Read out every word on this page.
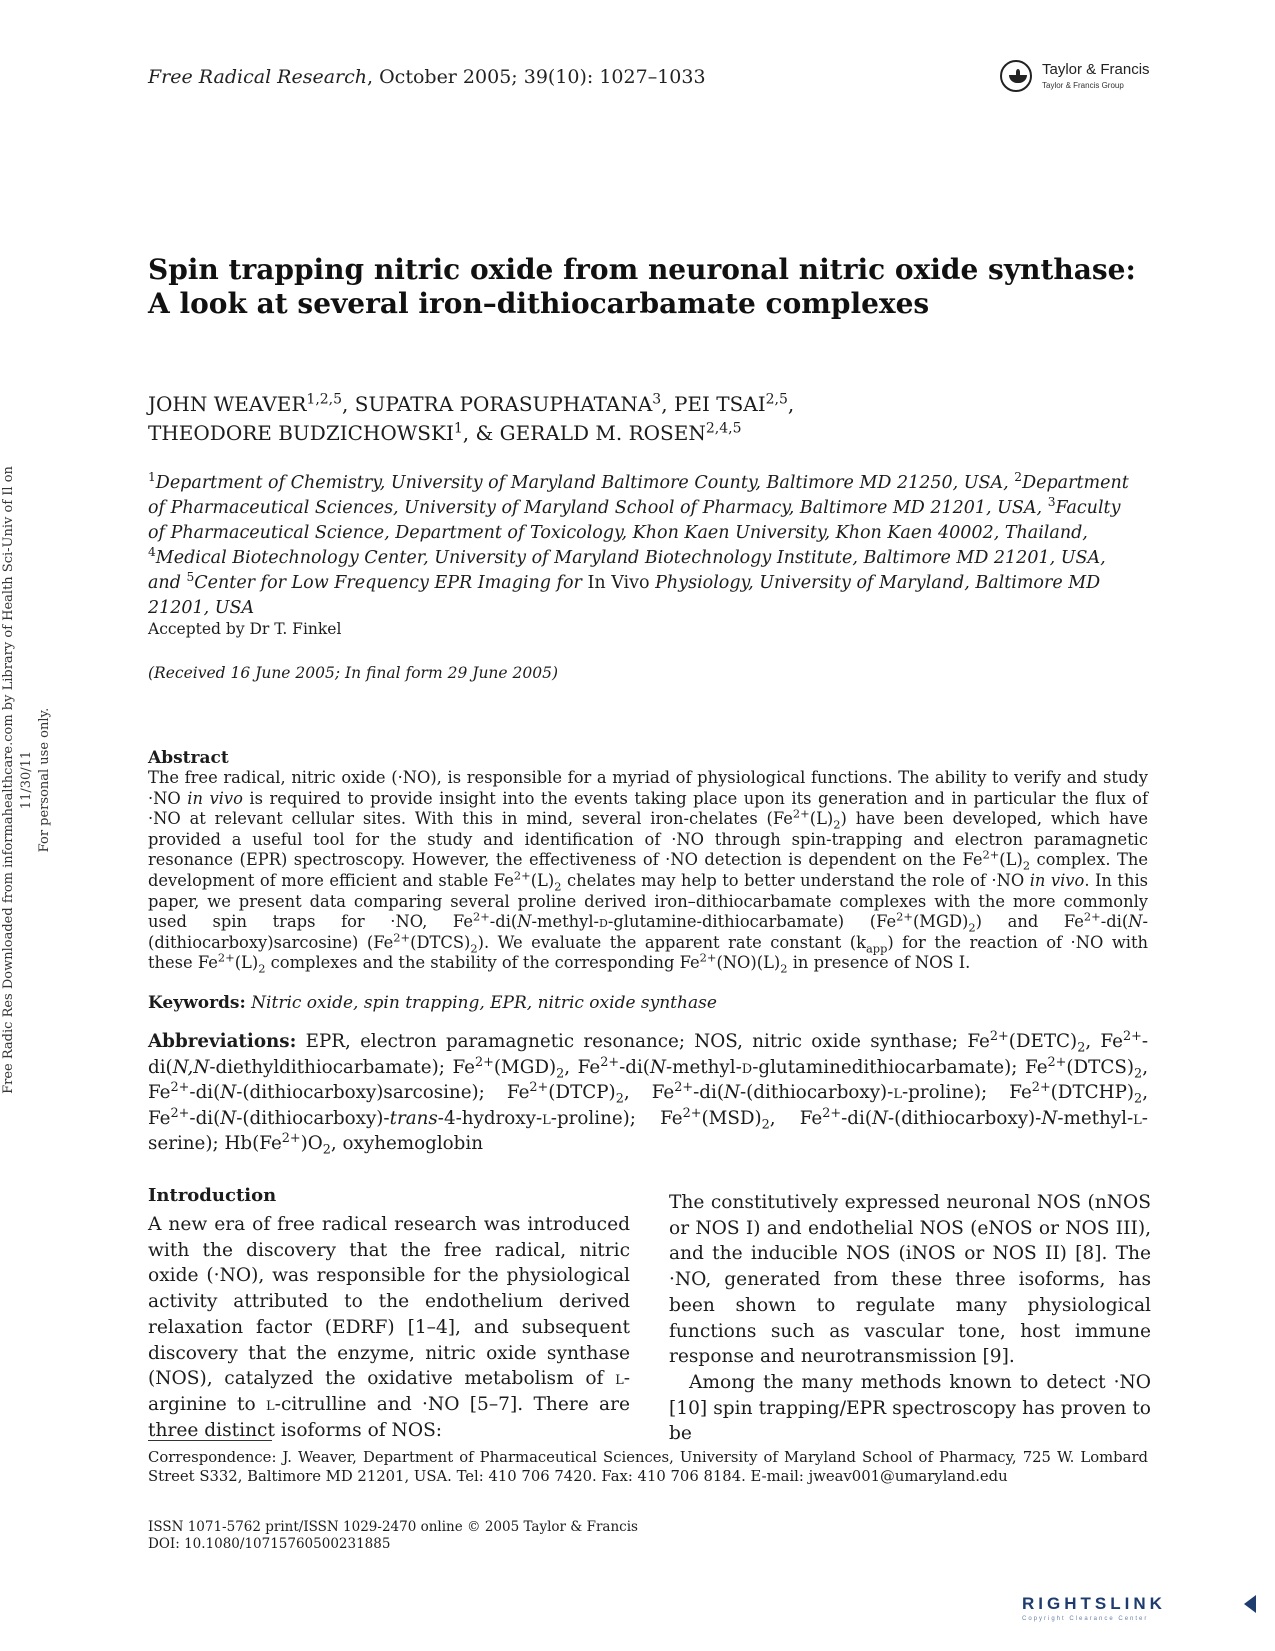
Free Radical Research, October 2005; 39(10): 1027–1033	Taylor & Francis
Taylor & Francis Group
Free Radic Res Downloaded from informahealthcare.com by Library of Health Sci-Univ of Il on 11/30/11 For personal use only.
Spin trapping nitric oxide from neuronal nitric oxide synthase: A look at several iron–dithiocarbamate complexes
JOHN WEAVER$^{1,2,5}$, SUPATRA PORASUPHATANA$^3$, PEI TSAI$^{2,5}$,
THEODORE BUDZICHOWSKI$^1$, & GERALD M. ROSEN$^{2,4,5}$
$^1$Department of Chemistry, University of Maryland Baltimore County, Baltimore MD 21250, USA, $^2$Department of Pharmaceutical Sciences, University of Maryland School of Pharmacy, Baltimore MD 21201, USA, $^3$Faculty of Pharmaceutical Science, Department of Toxicology, Khon Kaen University, Khon Kaen 40002, Thailand, $^4$Medical Biotechnology Center, University of Maryland Biotechnology Institute, Baltimore MD 21201, USA, and $^5$Center for Low Frequency EPR Imaging for In Vivo Physiology, University of Maryland, Baltimore MD 21201, USA
Accepted by Dr T. Finkel
(Received 16 June 2005; In final form 29 June 2005)
Abstract

The free radical, nitric oxide (·NO), is responsible for a myriad of physiological functions. The ability to verify and study ·NO in vivo is required to provide insight into the events taking place upon its generation and in particular the flux of ·NO at relevant cellular sites. With this in mind, several iron-chelates $(Fe^{2+}(L)_2)$ have been developed, which have provided a useful tool for the study and identification of ·NO through spin-trapping and electron paramagnetic resonance (EPR) spectroscopy. However, the effectiveness of ·NO detection is dependent on the $Fe^{2+}(L)_2$ complex. The development of more efficient and stable $Fe^{2+}(L)_2$ chelates may help to better understand the role of ·NO in vivo. In this paper, we present data comparing several proline derived iron–dithiocarbamate complexes with the more commonly used spin traps for ·NO, $Fe^{2+}-di(N-methyl-d-glutamine-dithiocarbamate)$ $(Fe^{2+}(MGD)_2)$ and $Fe^{2+}-di(N-(dithiocarboxy)sarcosine)$ $(Fe^{2+}(DTCS)_2)$. We evaluate the apparent rate constant $(k_{app})$ for the reaction of ·NO with these $Fe^{2+}(L)_2$ complexes and the stability of the corresponding $Fe^{2+}(NO)(L)_2$ in presence of NOS I.

Keywords: Nitric oxide, spin trapping, EPR, nitric oxide synthase
Abbreviations: EPR, electron paramagnetic resonance; NOS, nitric oxide synthase; $Fe^{2+}(DETC)_2$, $Fe^{2+}-di(N,N-diethyldithiocarbamate)$; $Fe^{2+}(MGD)_2$, $Fe^{2+}-di(N-methyl-d-glutaminedithiocarbamate)$; $Fe^{2+}(DTCS)_2$, $Fe^{2+}-di(N-(dithiocarboxy)sarcosine)$; $Fe^{2+}(DTCP)_2$, $Fe^{2+}-di(N-(dithiocarboxy)-l-proline)$; $Fe^{2+}(DTCHP)_2$, $Fe^{2+}-di(N-(dithiocarboxy)-trans-4-hydroxy-l-proline)$; $Fe^{2+}(MSD)_2$, $Fe^{2+}-di(N-(dithiocarboxy)-N-methyl-l-serine)$; $Hb(Fe^{2+})O_2$, oxyhemoglobin
Introduction

A new era of free radical research was introduced with the discovery that the free radical, nitric oxide (·NO), was responsible for the physiological activity attributed to the endothelium derived relaxation factor (EDRF) [1–4], and subsequent discovery that the enzyme, nitric oxide synthase (NOS), catalyzed the oxidative metabolism of l-arginine to l-citrulline and ·NO [5–7]. There are three distinct isoforms of NOS:

The constitutively expressed neuronal NOS (nNOS or NOS I) and endothelial NOS (eNOS or NOS III), and the inducible NOS (iNOS or NOS II) [8]. The ·NO, generated from these three isoforms, has been shown to regulate many physiological functions such as vascular tone, host immune response and neurotransmission [9].

Among the many methods known to detect ·NO [10] spin trapping/EPR spectroscopy has proven to be

Correspondence: J. Weaver, Department of Pharmaceutical Sciences, University of Maryland School of Pharmacy, 725 W. Lombard Street S332, Baltimore MD 21201, USA. Tel: 410 706 7420. Fax: 410 706 8184. E-mail: jweav001@umaryland.edu
ISSN 1071-5762 print/ISSN 1029-2470 online © 2005 Taylor & Francis
DOI: 10.1080/10715760500231885
RIGHTSLINK
Copyright Clearance Center
